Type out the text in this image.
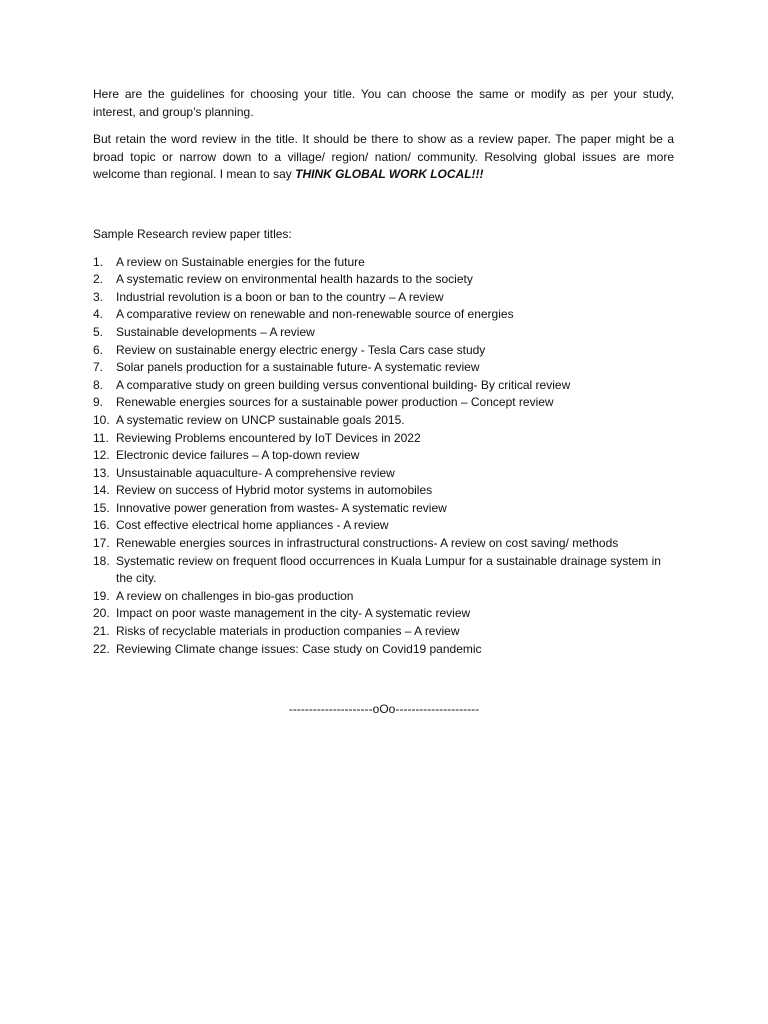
Here are the guidelines for choosing your title. You can choose the same or modify as per your study, interest, and group’s planning.

But retain the word review in the title. It should be there to show as a review paper. The paper might be a broad topic or narrow down to a village/ region/ nation/ community. Resolving global issues are more welcome than regional. I mean to say THINK GLOBAL WORK LOCAL!!!

Sample Research review paper titles:

1.	A review on Sustainable energies for the future
2.	A systematic review on environmental health hazards to the society
3.	Industrial revolution is a boon or ban to the country – A review
4.	A comparative review on renewable and non-renewable source of energies
5.	Sustainable developments – A review
6.	Review on sustainable energy electric energy - Tesla Cars case study
7.	Solar panels production for a sustainable future- A systematic review
8.	A comparative study on green building versus conventional building- By critical review
9.	Renewable energies sources for a sustainable power production – Concept review
10. A systematic review on UNCP sustainable goals 2015.
11. Reviewing Problems encountered by IoT Devices in 2022
12. Electronic device failures – A top-down review
13. Unsustainable aquaculture- A comprehensive review
14. Review on success of Hybrid motor systems in automobiles
15. Innovative power generation from wastes- A systematic review
16. Cost effective electrical home appliances - A review
17. Renewable energies sources in infrastructural constructions- A review on cost saving/ methods
18. Systematic review on frequent flood occurrences in Kuala Lumpur for a sustainable drainage system in the city.
19. A review on challenges in bio-gas production
20. Impact on poor waste management in the city- A systematic review
21. Risks of recyclable materials in production companies – A review
22. Reviewing Climate change issues: Case study on Covid19 pandemic
---------------------oOo---------------------
